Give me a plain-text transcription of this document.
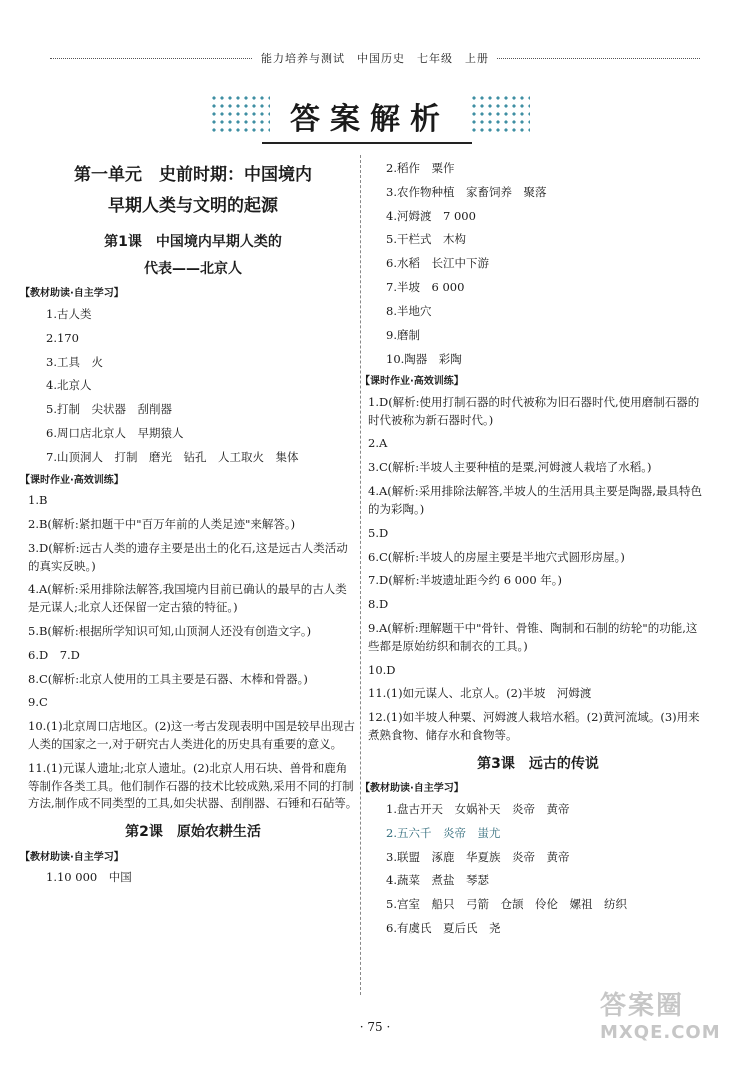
能力培养与测试　中国历史　七年级　上册
答案解析
第一单元　史前时期：中国境内
早期人类与文明的起源
第1课　中国境内早期人类的
代表——北京人
【教材助读·自主学习】
1.古人类
2.170
3.工具　火
4.北京人
5.打制　尖状器　刮削器
6.周口店北京人　早期猿人
7.山顶洞人　打制　磨光　钻孔　人工取火　集体
【课时作业·高效训练】
1.B
2.B(解析:紧扣题干中"百万年前的人类足迹"来解答。)
3.D(解析:远古人类的遗存主要是出土的化石,这是远古人类活动的真实反映。)
4.A(解析:采用排除法解答,我国境内目前已确认的最早的古人类是元谋人;北京人还保留一定古猿的特征。)
5.B(解析:根据所学知识可知,山顶洞人还没有创造文字。)
6.D　7.D
8.C(解析:北京人使用的工具主要是石器、木棒和骨器。)
9.C
10.(1)北京周口店地区。(2)这一考古发现表明中国是较早出现古人类的国家之一,对于研究古人类进化的历史具有重要的意义。
11.(1)元谋人遗址;北京人遗址。(2)北京人用石块、兽骨和鹿角等制作各类工具。他们制作石器的技术比较成熟,采用不同的打制方法,制作成不同类型的工具,如尖状器、刮削器、石锤和石砧等。
第2课　原始农耕生活
【教材助读·自主学习】
1.10 000　中国
2.稻作　粟作
3.农作物种植　家畜饲养　聚落
4.河姆渡　7 000
5.干栏式　木构
6.水稻　长江中下游
7.半坡　6 000
8.半地穴
9.磨制
10.陶器　彩陶
【课时作业·高效训练】
1.D(解析:使用打制石器的时代被称为旧石器时代,使用磨制石器的时代被称为新石器时代。)
2.A
3.C(解析:半坡人主要种植的是粟,河姆渡人栽培了水稻。)
4.A(解析:采用排除法解答,半坡人的生活用具主要是陶器,最具特色的为彩陶。)
5.D
6.C(解析:半坡人的房屋主要是半地穴式圆形房屋。)
7.D(解析:半坡遗址距今约 6 000 年。)
8.D
9.A(解析:理解题干中"骨针、骨锥、陶制和石制的纺轮"的功能,这些都是原始纺织和制衣的工具。)
10.D
11.(1)如元谋人、北京人。(2)半坡　河姆渡
12.(1)如半坡人种粟、河姆渡人栽培水稻。(2)黄河流域。(3)用来煮熟食物、储存水和食物等。
第3课　远古的传说
【教材助读·自主学习】
1.盘古开天　女娲补天　炎帝　黄帝
2.五六千　炎帝　蚩尤
3.联盟　涿鹿　华夏族　炎帝　黄帝
4.蔬菜　煮盐　琴瑟
5.宫室　船只　弓箭　仓颉　伶伦　嫘祖　纺织
6.有虞氏　夏后氏　尧
· 75 ·
答案圈
MXQE.COM
